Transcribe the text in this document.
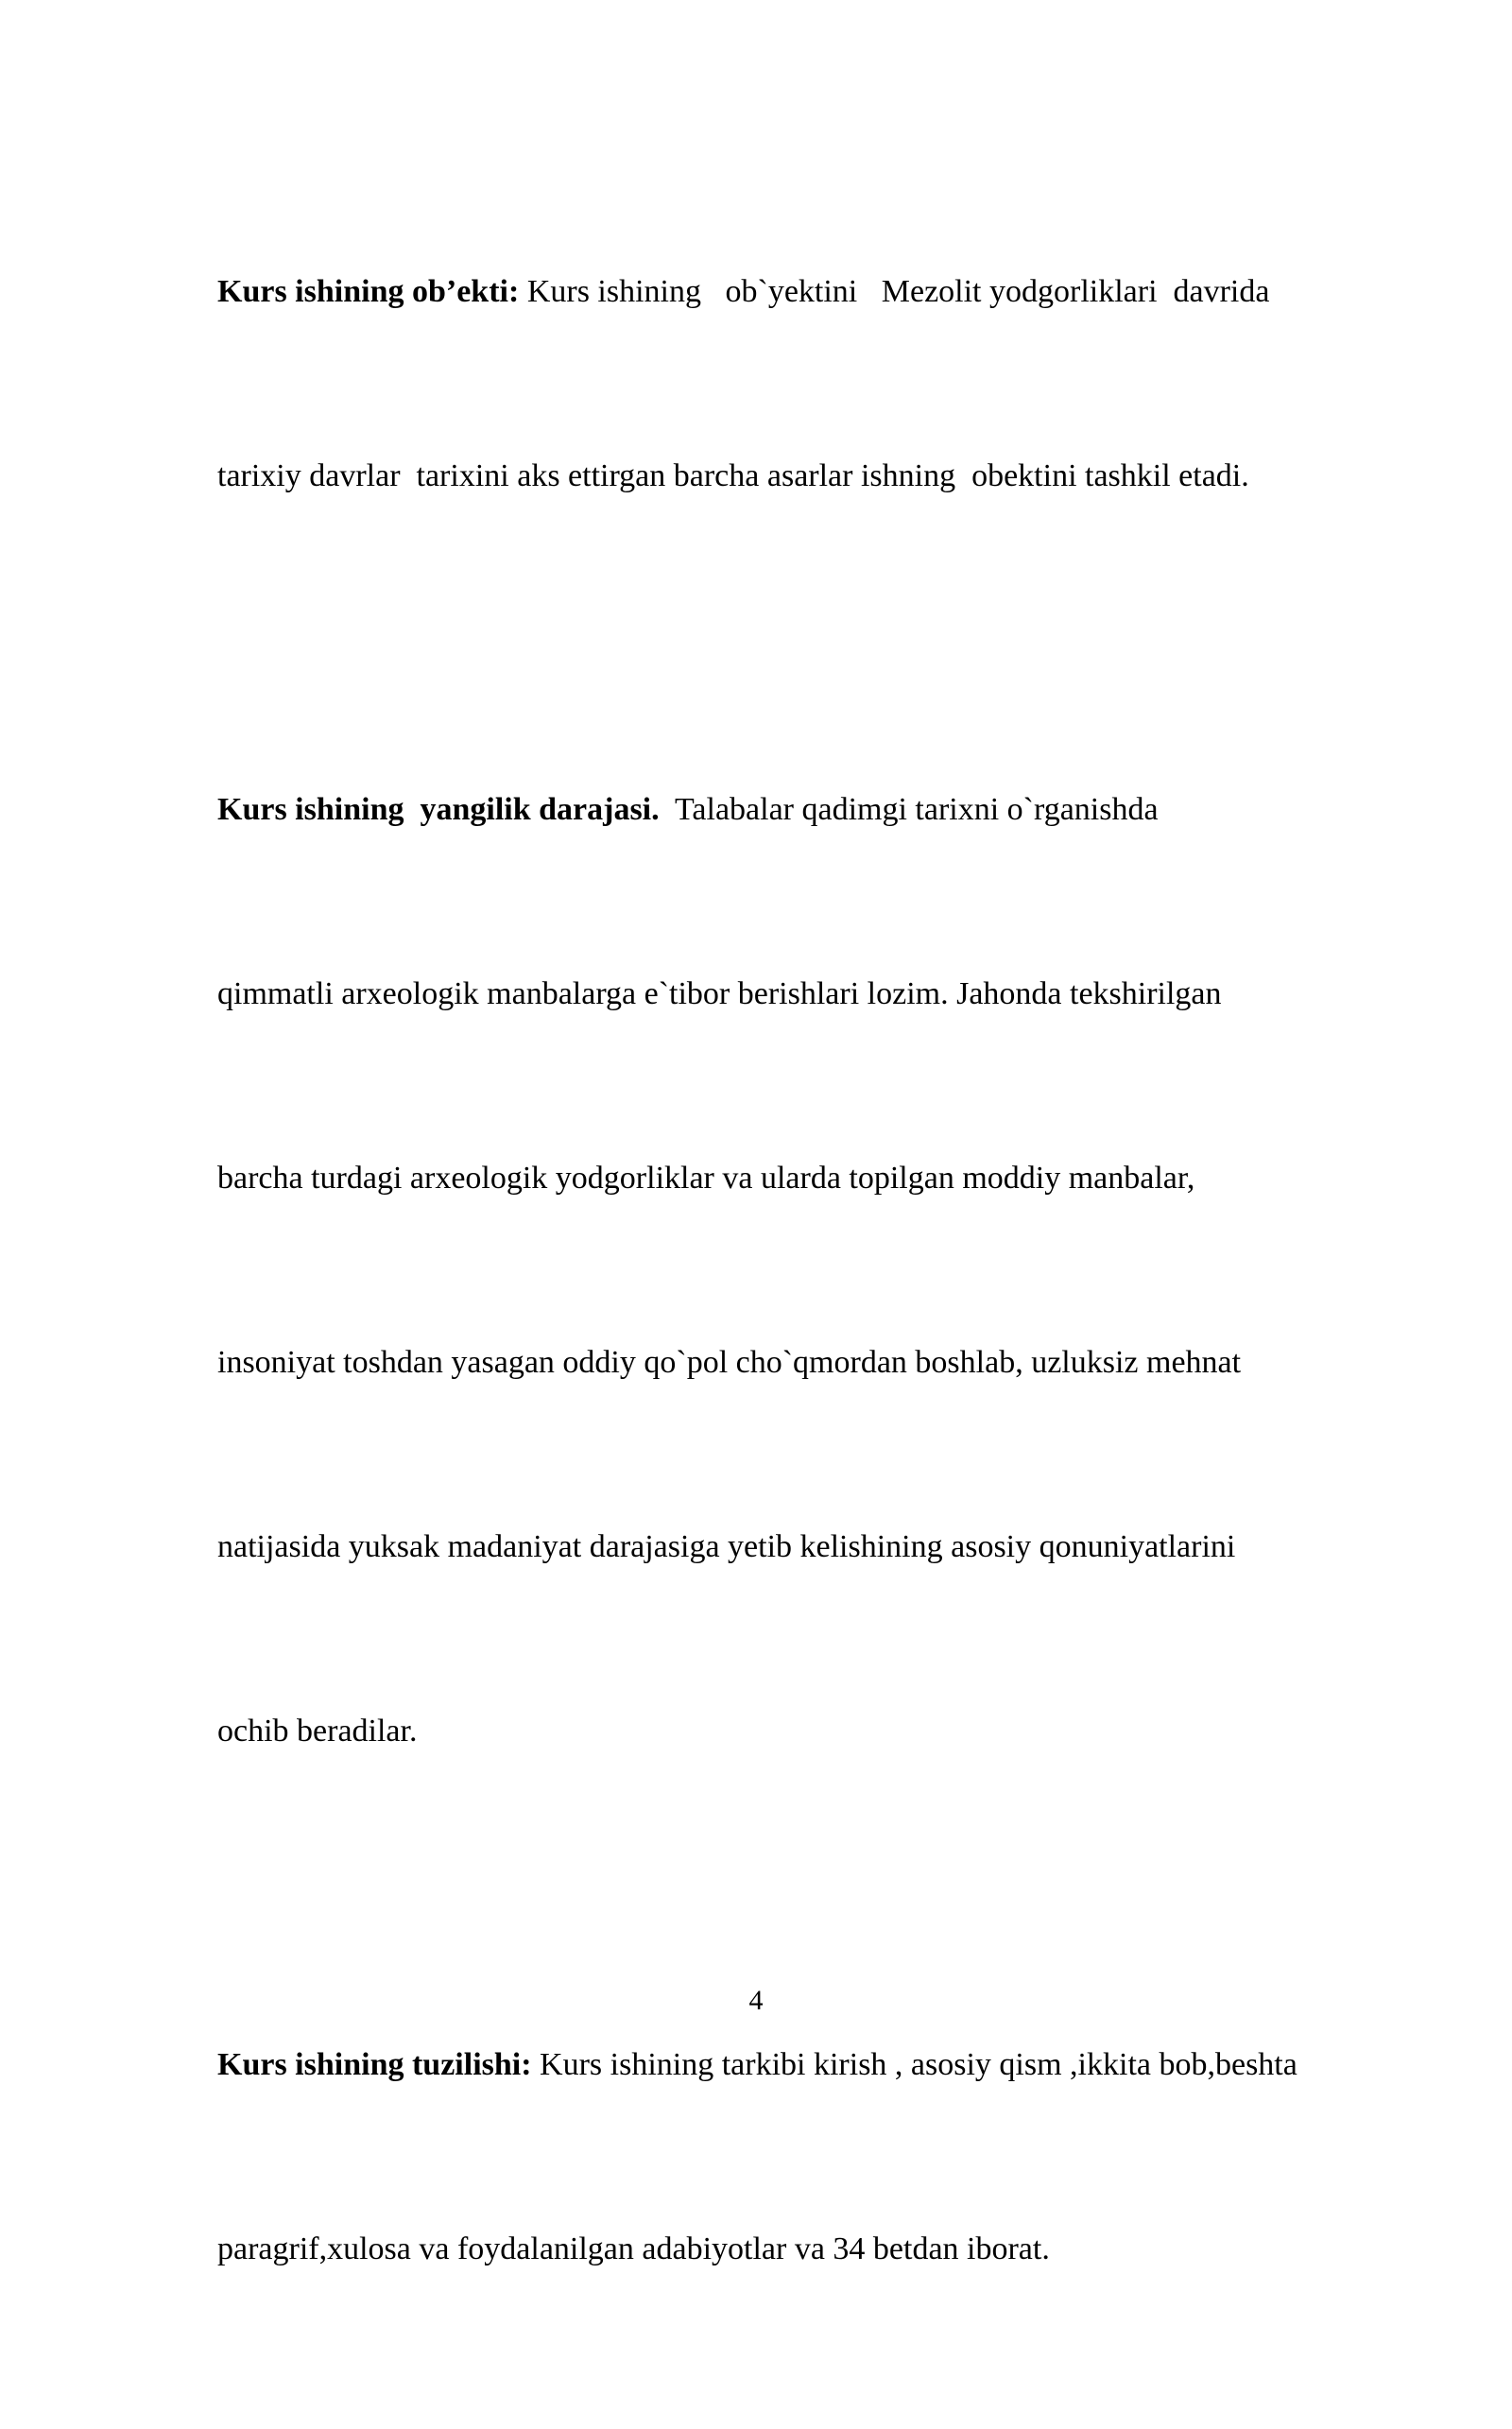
Kurs ishining ob’ekti: Kurs ishining   ob`yektini   Mezolit yodgorliklari  davrida

tarixiy davrlar  tarixini aks ettirgan barcha asarlar ishning  obektini tashkil etadi.

Kurs ishining  yangilik darajasi.  Talabalar qadimgi tarixni o`rganishda

qimmatli arxeologik manbalarga e`tibor berishlari lozim. Jahonda tekshirilgan

barcha turdagi arxeologik yodgorliklar va ularda topilgan moddiy manbalar,

insoniyat toshdan yasagan oddiy qo`pol cho`qmordan boshlab, uzluksiz mehnat

natijasida yuksak madaniyat darajasiga yetib kelishining asosiy qonuniyatlarini

ochib beradilar.

Kurs ishining tuzilishi: Kurs ishining tarkibi kirish , asosiy qism ,ikkita bob,beshta

paragrif,xulosa va foydalanilgan adabiyotlar va 34 betdan iborat.

4
